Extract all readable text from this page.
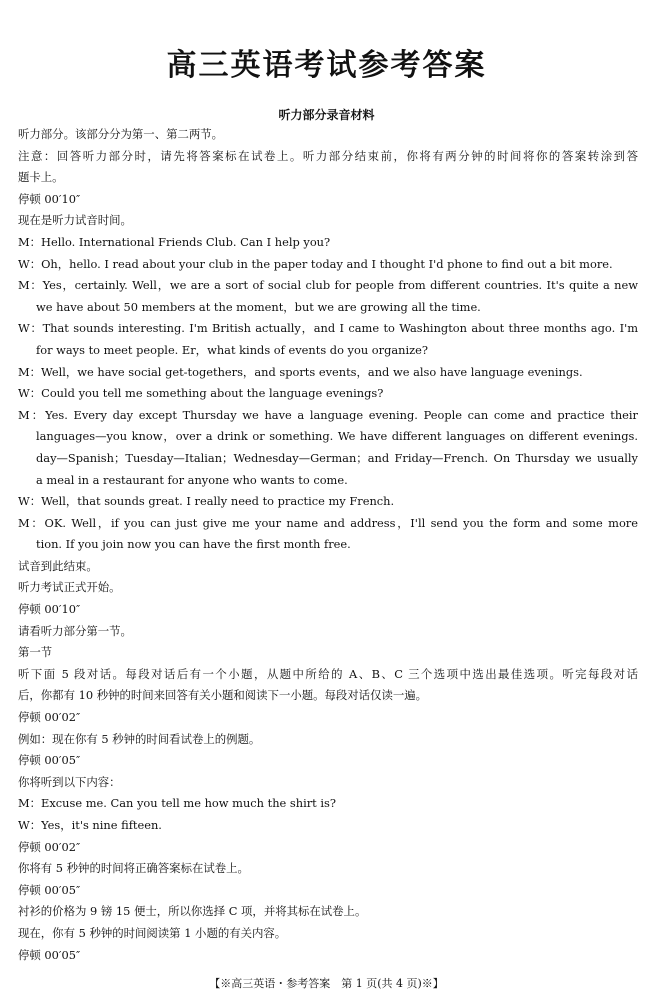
高三英语考试参考答案
听力部分录音材料
听力部分。该部分分为第一、第二两节。
注意：回答听力部分时，请先将答案标在试卷上。听力部分结束前，你将有两分钟的时间将你的答案转涂到答
题卡上。
停顿 00′10″
现在是听力试音时间。
M：Hello. International Friends Club. Can I help you?
W：Oh，hello. I read about your club in the paper today and I thought I'd phone to find out a bit more.
M：Yes，certainly. Well，we are a sort of social club for people from different countries. It's quite a new
we have about 50 members at the moment，but we are growing all the time.
W：That sounds interesting. I'm British actually，and I came to Washington about three months ago. I'm
for ways to meet people. Er，what kinds of events do you organize?
M：Well，we have social get-togethers，and sports events，and we also have language evenings.
W：Could you tell me something about the language evenings?
M：Yes. Every day except Thursday we have a language evening. People can come and practice their
languages—you know，over a drink or something. We have different languages on different evenings.
day—Spanish；Tuesday—Italian；Wednesday—German；and Friday—French. On Thursday we usually
a meal in a restaurant for anyone who wants to come.
W：Well，that sounds great. I really need to practice my French.
M：OK. Well，if you can just give me your name and address，I'll send you the form and some more
tion. If you join now you can have the first month free.
试音到此结束。
听力考试正式开始。
停顿 00′10″
请看听力部分第一节。
第一节
听下面 5 段对话。每段对话后有一个小题，从题中所给的 A、B、C 三个选项中选出最佳选项。听完每段对话
后，你都有 10 秒钟的时间来回答有关小题和阅读下一小题。每段对话仅读一遍。
停顿 00′02″
例如：现在你有 5 秒钟的时间看试卷上的例题。
停顿 00′05″
你将听到以下内容：
M：Excuse me. Can you tell me how much the shirt is?
W：Yes，it's nine fifteen.
停顿 00′02″
你将有 5 秒钟的时间将正确答案标在试卷上。
停顿 00′05″
衬衫的价格为 9 镑 15 便士，所以你选择 C 项，并将其标在试卷上。
现在，你有 5 秒钟的时间阅读第 1 小题的有关内容。
停顿 00′05″
【※高三英语・参考答案　第 1 页(共 4 页)※】
